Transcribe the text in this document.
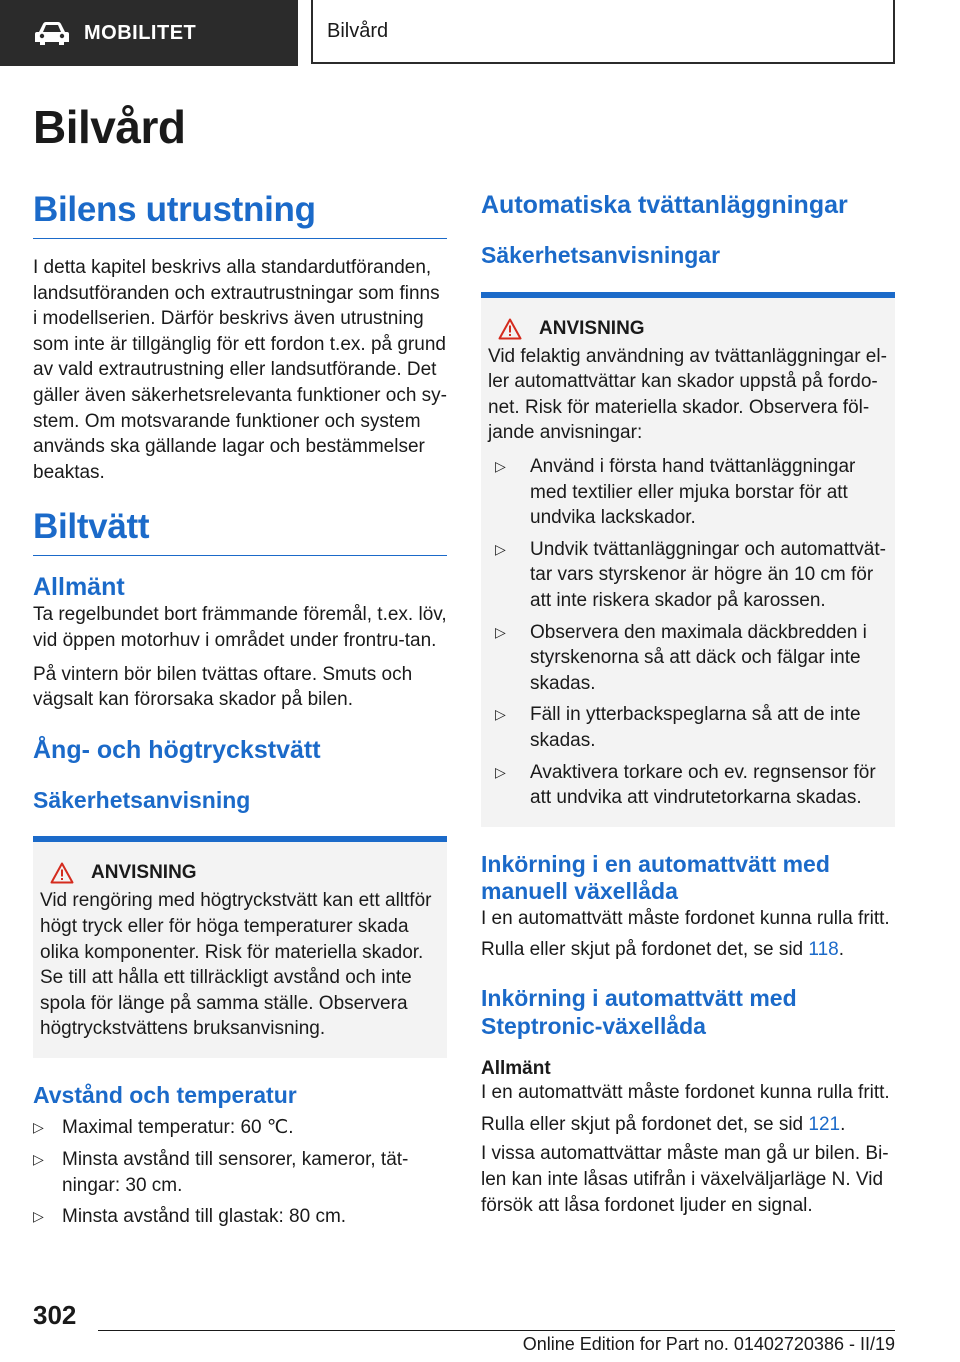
MOBILITET	Bilvård
Bilvård
Bilens utrustning

I detta kapitel beskrivs alla standardutföranden, landsutföranden och extrautrustningar som finns i modellserien. Därför beskrivs även utrustning som inte är tillgänglig för ett fordon t.ex. på grund av vald extrautrustning eller landsutförande. Det gäller även säkerhetsrelevanta funktioner och sy‐stem. Om motsvarande funktioner och system används ska gällande lagar och bestämmelser beaktas.

Biltvätt
Allmänt

Ta regelbundet bort främmande föremål, t.ex. löv, vid öppen motorhuv i området under frontru‐tan.

På vintern bör bilen tvättas oftare. Smuts och vägsalt kan förorsaka skador på bilen.

Ång- och högtryckstvätt
Säkerhetsanvisning
ANVISNING

Vid rengöring med högtryckstvätt kan ett alltför högt tryck eller för höga temperaturer skada olika komponenter. Risk för materiella skador. Se till att hålla ett tillräckligt avstånd och inte spola för länge på samma ställe. Observera högtryckstvättens bruksanvisning.

Avstånd och temperatur
▷ Maximal temperatur: 60 ℃.
▷ Minsta avstånd till sensorer, kameror, tät‐ningar: 30 cm.
▷ Minsta avstånd till glastak: 80 cm.
Automatiska tvättanläggningar
Säkerhetsanvisningar
ANVISNING

Vid felaktig användning av tvättanläggningar el‐ler automattvättar kan skador uppstå på fordo‐net. Risk för materiella skador. Observera föl‐jande anvisningar:

▷ Använd i första hand tvättanläggningar med textilier eller mjuka borstar för att undvika lackskador.
▷ Undvik tvättanläggningar och automattvät‐tar vars styrskenor är högre än 10 cm för att inte riskera skador på karossen.
▷ Observera den maximala däckbredden i styrskenorna så att däck och fälgar inte skadas.
▷ Fäll in ytterbackspeglarna så att de inte skadas.
▷ Avaktivera torkare och ev. regnsensor för att undvika att vindrutetorkarna skadas.
Inkörning i en automattvätt med manuell växellåda

I en automattvätt måste fordonet kunna rulla fritt.

Rulla eller skjut på fordonet det, se sid 118.

Inkörning i automattvätt med Steptronic-växellåda
Allmänt

I en automattvätt måste fordonet kunna rulla fritt.

Rulla eller skjut på fordonet det, se sid 121.

I vissa automattvättar måste man gå ur bilen. Bi‐len kan inte låsas utifrån i växelväljarläge N. Vid försök att låsa fordonet ljuder en signal.

302
Online Edition for Part no. 01402720386 - II/19
